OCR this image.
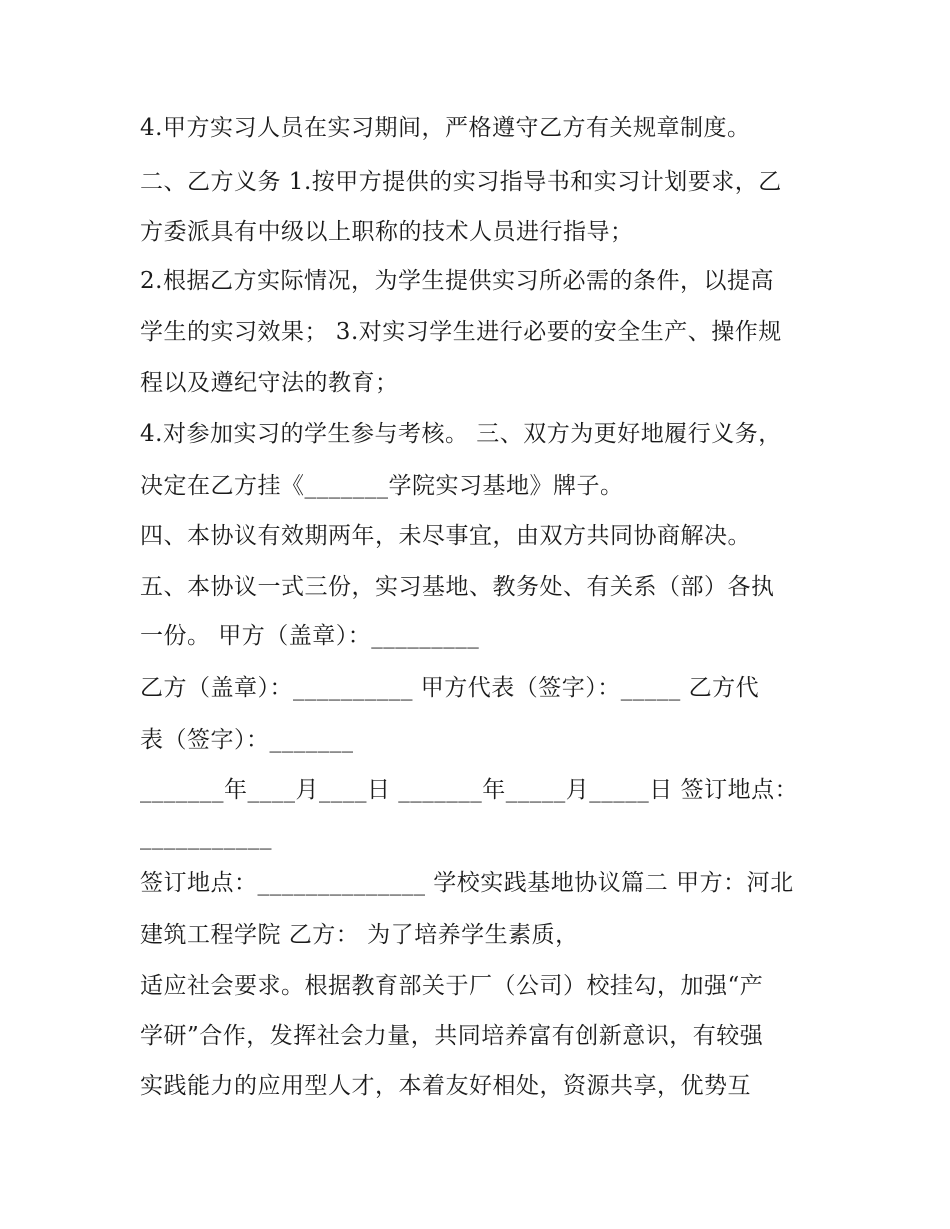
4.甲方实习人员在实习期间，严格遵守乙方有关规章制度。
二、乙方义务 1.按甲方提供的实习指导书和实习计划要求，乙
方委派具有中级以上职称的技术人员进行指导；
2.根据乙方实际情况，为学生提供实习所必需的条件，以提高
学生的实习效果； 3.对实习学生进行必要的安全生产、操作规
程以及遵纪守法的教育；
4.对参加实习的学生参与考核。 三、双方为更好地履行义务，
决定在乙方挂《_______学院实习基地》牌子。
四、本协议有效期两年，未尽事宜，由双方共同协商解决。
五、本协议一式三份，实习基地、教务处、有关系（部）各执
一份。 甲方（盖章）：_________
乙方（盖章）：__________ 甲方代表（签字）：_____ 乙方代
表（签字）：_______
_______年____月____日 _______年_____月_____日 签订地点：
___________
签订地点：______________ 学校实践基地协议篇二 甲方：河北
建筑工程学院 乙方： 为了培养学生素质，
适应社会要求。根据教育部关于厂（公司）校挂勾，加强“产
学研”合作，发挥社会力量，共同培养富有创新意识，有较强
实践能力的应用型人才，本着友好相处，资源共享，优势互
